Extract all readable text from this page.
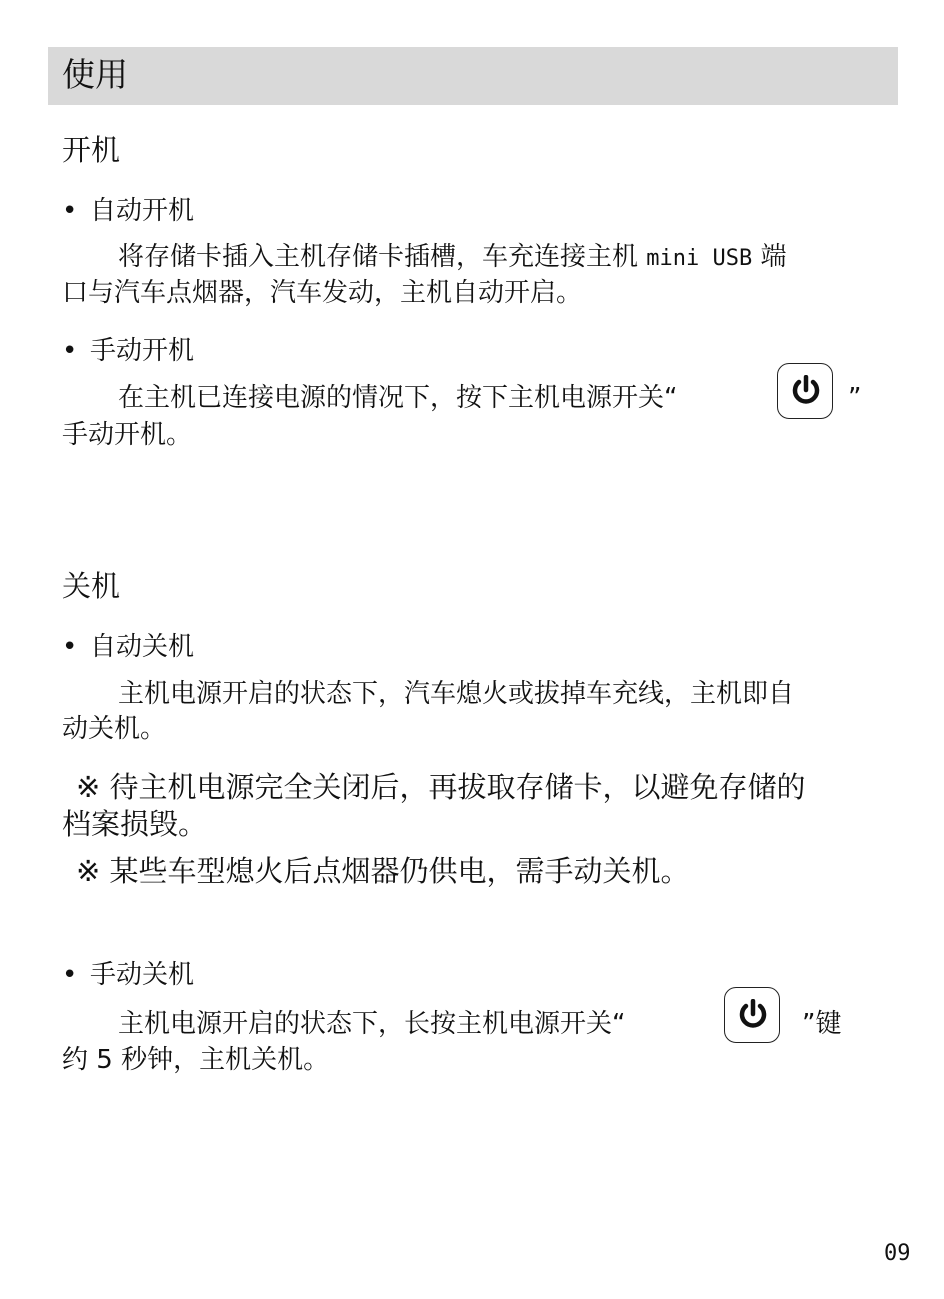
使用
开机
• 自动开机
将存储卡插入主机存储卡插槽，车充连接主机 mini USB 端
口与汽车点烟器，汽车发动，主机自动开启。
• 手动开机
在主机已连接电源的情况下，按下主机电源开关“	”
手动开机。
关机
• 自动关机
主机电源开启的状态下，汽车熄火或拔掉车充线，主机即自
动关机。
※ 待主机电源完全关闭后，再拔取存储卡，以避免存储的
档案损毁。
※ 某些车型熄火后点烟器仍供电，需手动关机。
• 手动关机
主机电源开启的状态下，长按主机电源开关“	”键
约 5 秒钟，主机关机。
09
